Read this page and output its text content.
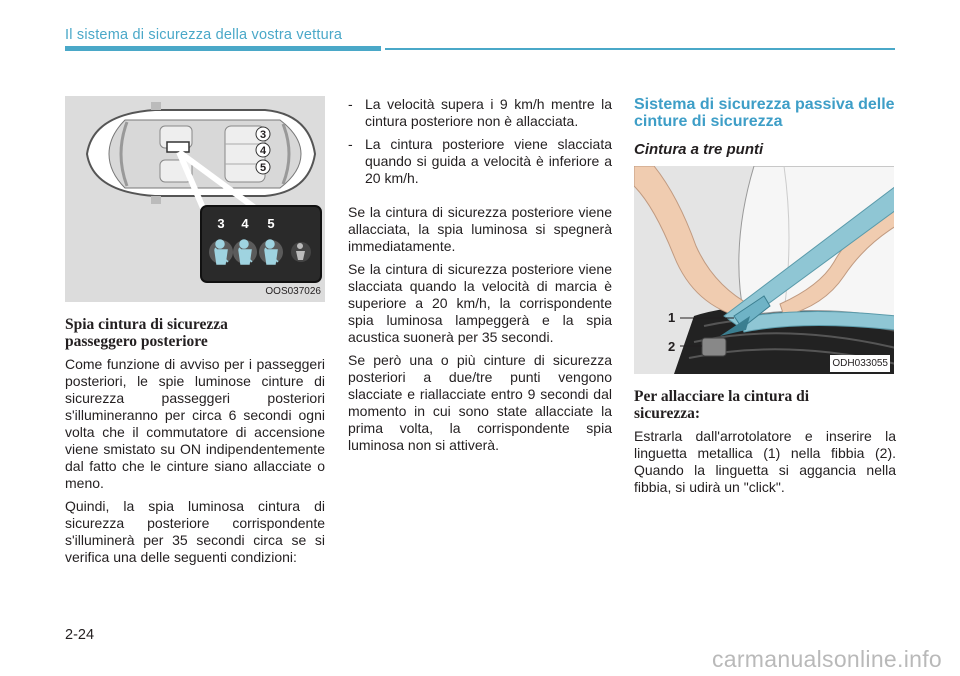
Il sistema di sicurezza della vostra vettura
3
4
5
3 4 5
OOS037026
Spia cintura di sicurezza passeggero posteriore

Come funzione di avviso per i passeggeri posteriori, le spie luminose cinture di sicurezza passeggeri posteriori s'illumineranno per circa 6 secondi ogni volta che il commutatore di accensione viene smistato su ON indipendentemente dal fatto che le cinture siano allacciate o meno.

Quindi, la spia luminosa cintura di sicurezza posteriore corrispondente s'illuminerà per 35 secondi circa se si verifica una delle seguenti condizioni:

- La velocità supera i 9 km/h mentre la cintura posteriore non è allacciata.
- La cintura posteriore viene slacciata quando si guida a velocità è inferiore a 20 km/h.

Se la cintura di sicurezza posteriore viene allacciata, la spia luminosa si spegnerà immediatamente.

Se la cintura di sicurezza posteriore viene slacciata quando la velocità di marcia è superiore a 20 km/h, la corrispondente spia luminosa lampeggerà e la spia acustica suonerà per 35 secondi.

Se però una o più cinture di sicurezza posteriori a due/tre punti vengono slacciate e riallacciate entro 9 secondi dal momento in cui sono state allacciate la prima volta, la corrispondente spia luminosa non si attiverà.

Sistema di sicurezza passiva delle cinture di sicurezza
Cintura a tre punti
1
2
ODH033055
Per allacciare la cintura di sicurezza:

Estrarla dall'arrotolatore e inserire la linguetta metallica (1) nella fibbia (2). Quando la linguetta si aggancia nella fibbia, si udirà un "click".

2-24
carmanualsonline.info
